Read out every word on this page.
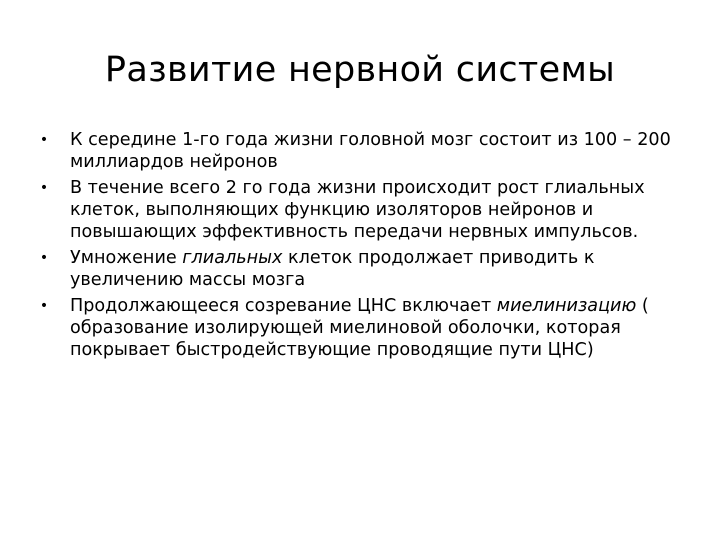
Развитие нервной системы
• К середине 1-го года жизни головной мозг состоит из 100 – 200 миллиардов нейронов
• В течение всего 2 го года жизни происходит рост глиальных клеток, выполняющих функцию изоляторов нейронов и повышающих эффективность передачи нервных импульсов.
• Умножение глиальных клеток продолжает приводить к увеличению массы мозга
• Продолжающееся созревание ЦНС включает миелинизацию ( образование изолирующей миелиновой оболочки, которая покрывает быстродействующие проводящие пути ЦНС)
